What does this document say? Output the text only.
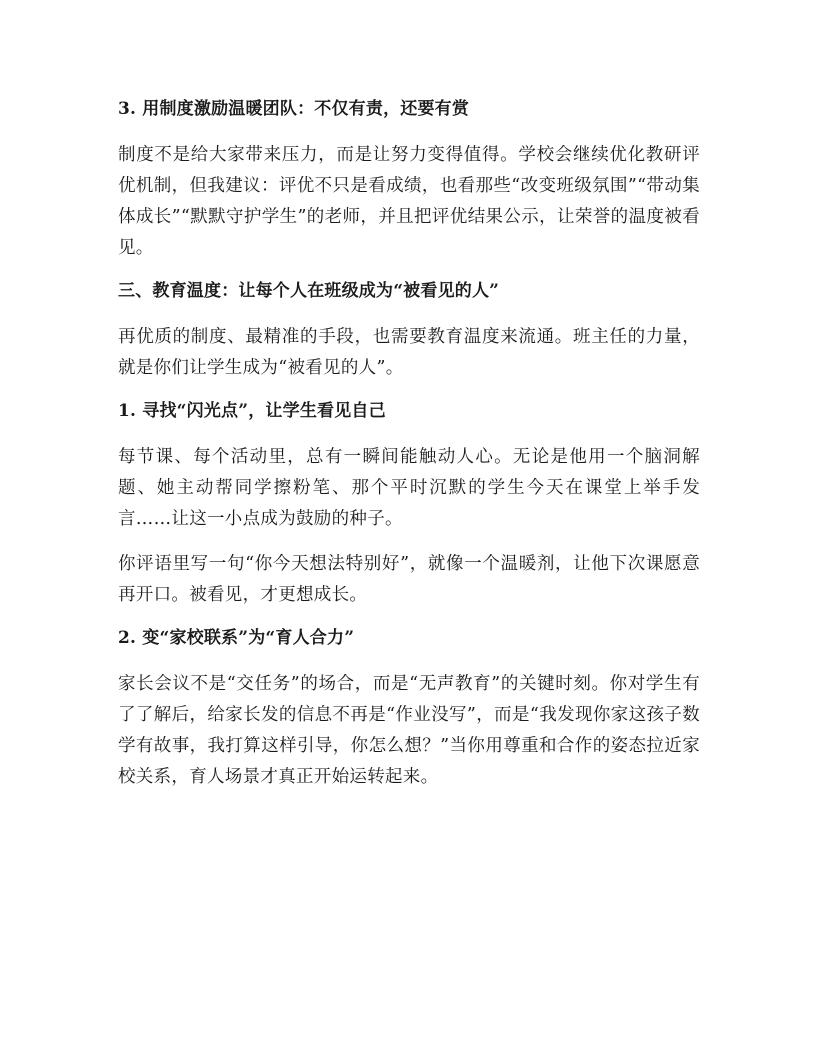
3. 用制度激励温暖团队：不仅有责，还要有赏

制度不是给大家带来压力，而是让努力变得值得。学校会继续优化教研评优机制，但我建议：评优不只是看成绩，也看那些“改变班级氛围”“带动集体成长”“默默守护学生”的老师，并且把评优结果公示，让荣誉的温度被看见。

三、教育温度：让每个人在班级成为“被看见的人”

再优质的制度、最精准的手段，也需要教育温度来流通。班主任的力量，就是你们让学生成为“被看见的人”。

1. 寻找“闪光点”，让学生看见自己

每节课、每个活动里，总有一瞬间能触动人心。无论是他用一个脑洞解题、她主动帮同学擦粉笔、那个平时沉默的学生今天在课堂上举手发言……让这一小点成为鼓励的种子。

你评语里写一句“你今天想法特别好”，就像一个温暖剂，让他下次课愿意再开口。被看见，才更想成长。

2. 变“家校联系”为“育人合力”

家长会议不是“交任务”的场合，而是“无声教育”的关键时刻。你对学生有了了解后，给家长发的信息不再是“作业没写”，而是“我发现你家这孩子数学有故事，我打算这样引导，你怎么想？”当你用尊重和合作的姿态拉近家校关系，育人场景才真正开始运转起来。
